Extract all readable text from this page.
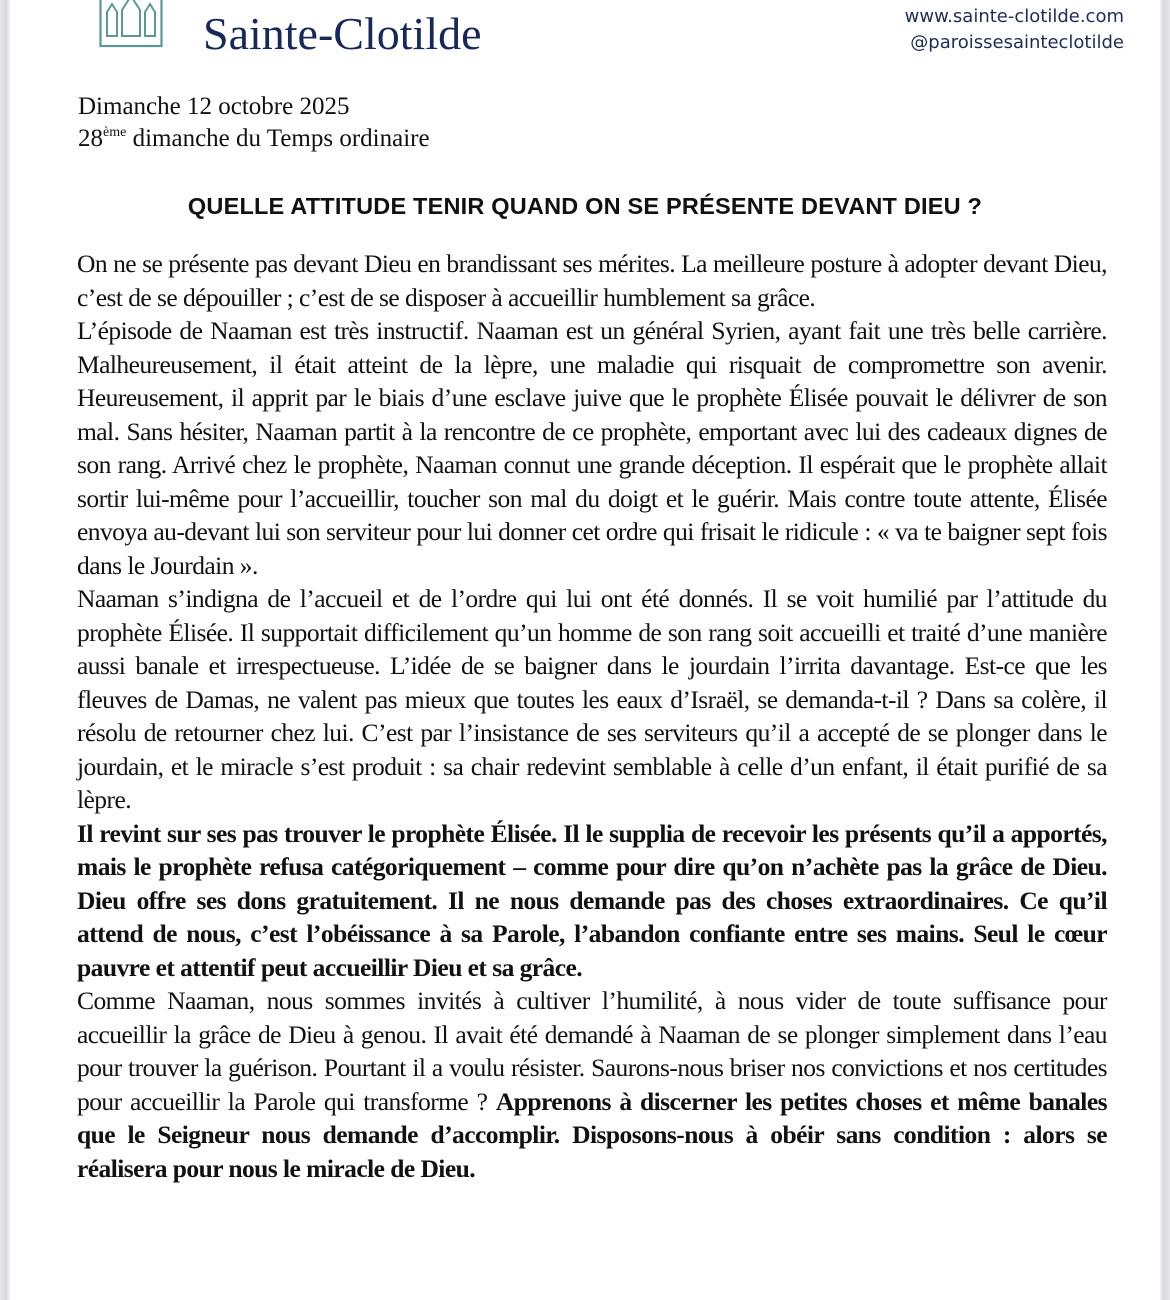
Sainte-Clotilde	www.sainte-clotilde.com
@paroissesainteclotilde
Dimanche 12 octobre 2025
28ème dimanche du Temps ordinaire
QUELLE ATTITUDE TENIR QUAND ON SE PRÉSENTE DEVANT DIEU ?

On ne se présente pas devant Dieu en brandissant ses mérites. La meilleure posture à adopter devant Dieu, c’est de se dépouiller ; c’est de se disposer à accueillir humblement sa grâce.

L’épisode de Naaman est très instructif. Naaman est un général Syrien, ayant fait une très belle carrière. Malheureusement, il était atteint de la lèpre, une maladie qui risquait de compromettre son avenir. Heureusement, il apprit par le biais d’une esclave juive que le prophète Élisée pouvait le délivrer de son mal. Sans hésiter, Naaman partit à la rencontre de ce prophète, emportant avec lui des cadeaux dignes de son rang. Arrivé chez le prophète, Naaman connut une grande déception. Il espérait que le prophète allait sortir lui-même pour l’accueillir, toucher son mal du doigt et le guérir. Mais contre toute attente, Élisée envoya au-devant lui son serviteur pour lui donner cet ordre qui frisait le ridicule : « va te baigner sept fois dans le Jourdain ».

Naaman s’indigna de l’accueil et de l’ordre qui lui ont été donnés. Il se voit humilié par l’attitude du prophète Élisée. Il supportait difficilement qu’un homme de son rang soit accueilli et traité d’une manière aussi banale et irrespectueuse. L’idée de se baigner dans le jourdain l’irrita davantage. Est-ce que les fleuves de Damas, ne valent pas mieux que toutes les eaux d’Israël, se demanda-t-il ? Dans sa colère, il résolu de retourner chez lui. C’est par l’insistance de ses serviteurs qu’il a accepté de se plonger dans le jourdain, et le miracle s’est produit : sa chair redevint semblable à celle d’un enfant, il était purifié de sa lèpre.

Il revint sur ses pas trouver le prophète Élisée. Il le supplia de recevoir les présents qu’il a apportés, mais le prophète refusa catégoriquement – comme pour dire qu’on n’achète pas la grâce de Dieu. Dieu offre ses dons gratuitement. Il ne nous demande pas des choses extraordinaires. Ce qu’il attend de nous, c’est l’obéissance à sa Parole, l’abandon confiante entre ses mains. Seul le cœur pauvre et attentif peut accueillir Dieu et sa grâce.

Comme Naaman, nous sommes invités à cultiver l’humilité, à nous vider de toute suffisance pour accueillir la grâce de Dieu à genou. Il avait été demandé à Naaman de se plonger simplement dans l’eau pour trouver la guérison. Pourtant il a voulu résister. Saurons-nous briser nos convictions et nos certitudes pour accueillir la Parole qui transforme ? Apprenons à discerner les petites choses et même banales que le Seigneur nous demande d’accomplir. Disposons-nous à obéir sans condition : alors se réalisera pour nous le miracle de Dieu.
